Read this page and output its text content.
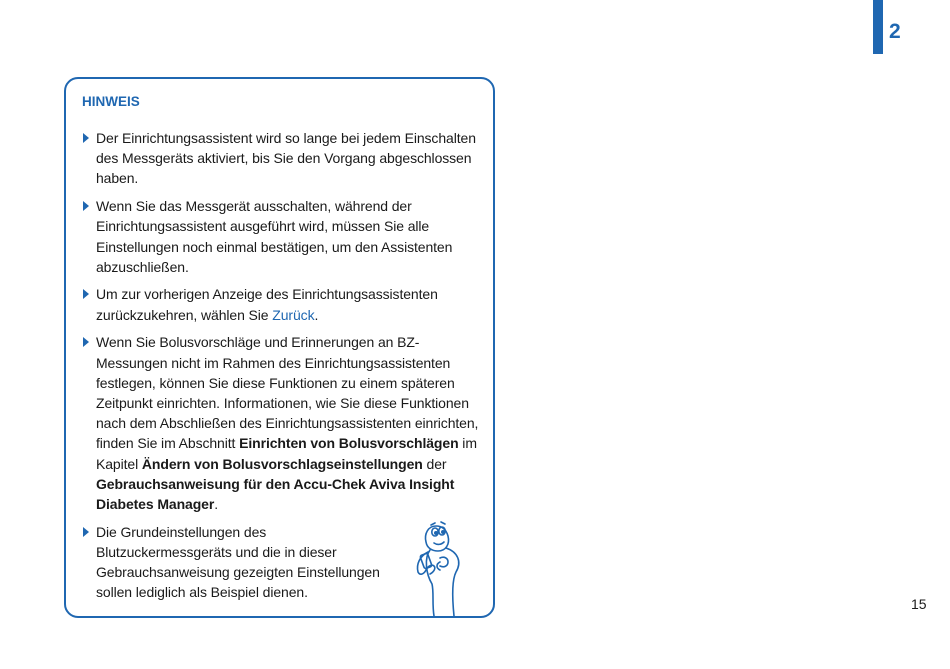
2
HINWEIS

Der Einrichtungsassistent wird so lange bei jedem Einschalten des Messgeräts aktiviert, bis Sie den Vorgang abgeschlossen haben.

Wenn Sie das Messgerät ausschalten, während der Einrichtungsassistent ausgeführt wird, müssen Sie alle Einstellungen noch einmal bestätigen, um den Assistenten abzuschließen.

Um zur vorherigen Anzeige des Einrichtungsassistenten zurückzukehren, wählen Sie Zurück.

Wenn Sie Bolusvorschläge und Erinnerungen an BZ-Messungen nicht im Rahmen des Einrichtungsassistenten festlegen, können Sie diese Funktionen zu einem späteren Zeitpunkt einrichten. Informationen, wie Sie diese Funktionen nach dem Abschließen des Einrichtungsassistenten einrichten, finden Sie im Abschnitt Einrichten von Bolusvorschlägen im Kapitel Ändern von Bolusvorschlagseinstellungen der Gebrauchsanweisung für den Accu-Chek Aviva Insight Diabetes Manager.

Die Grundeinstellungen des Blutzuckermessgeräts und die in dieser Gebrauchsanweisung gezeigten Einstellungen sollen lediglich als Beispiel dienen.

15
